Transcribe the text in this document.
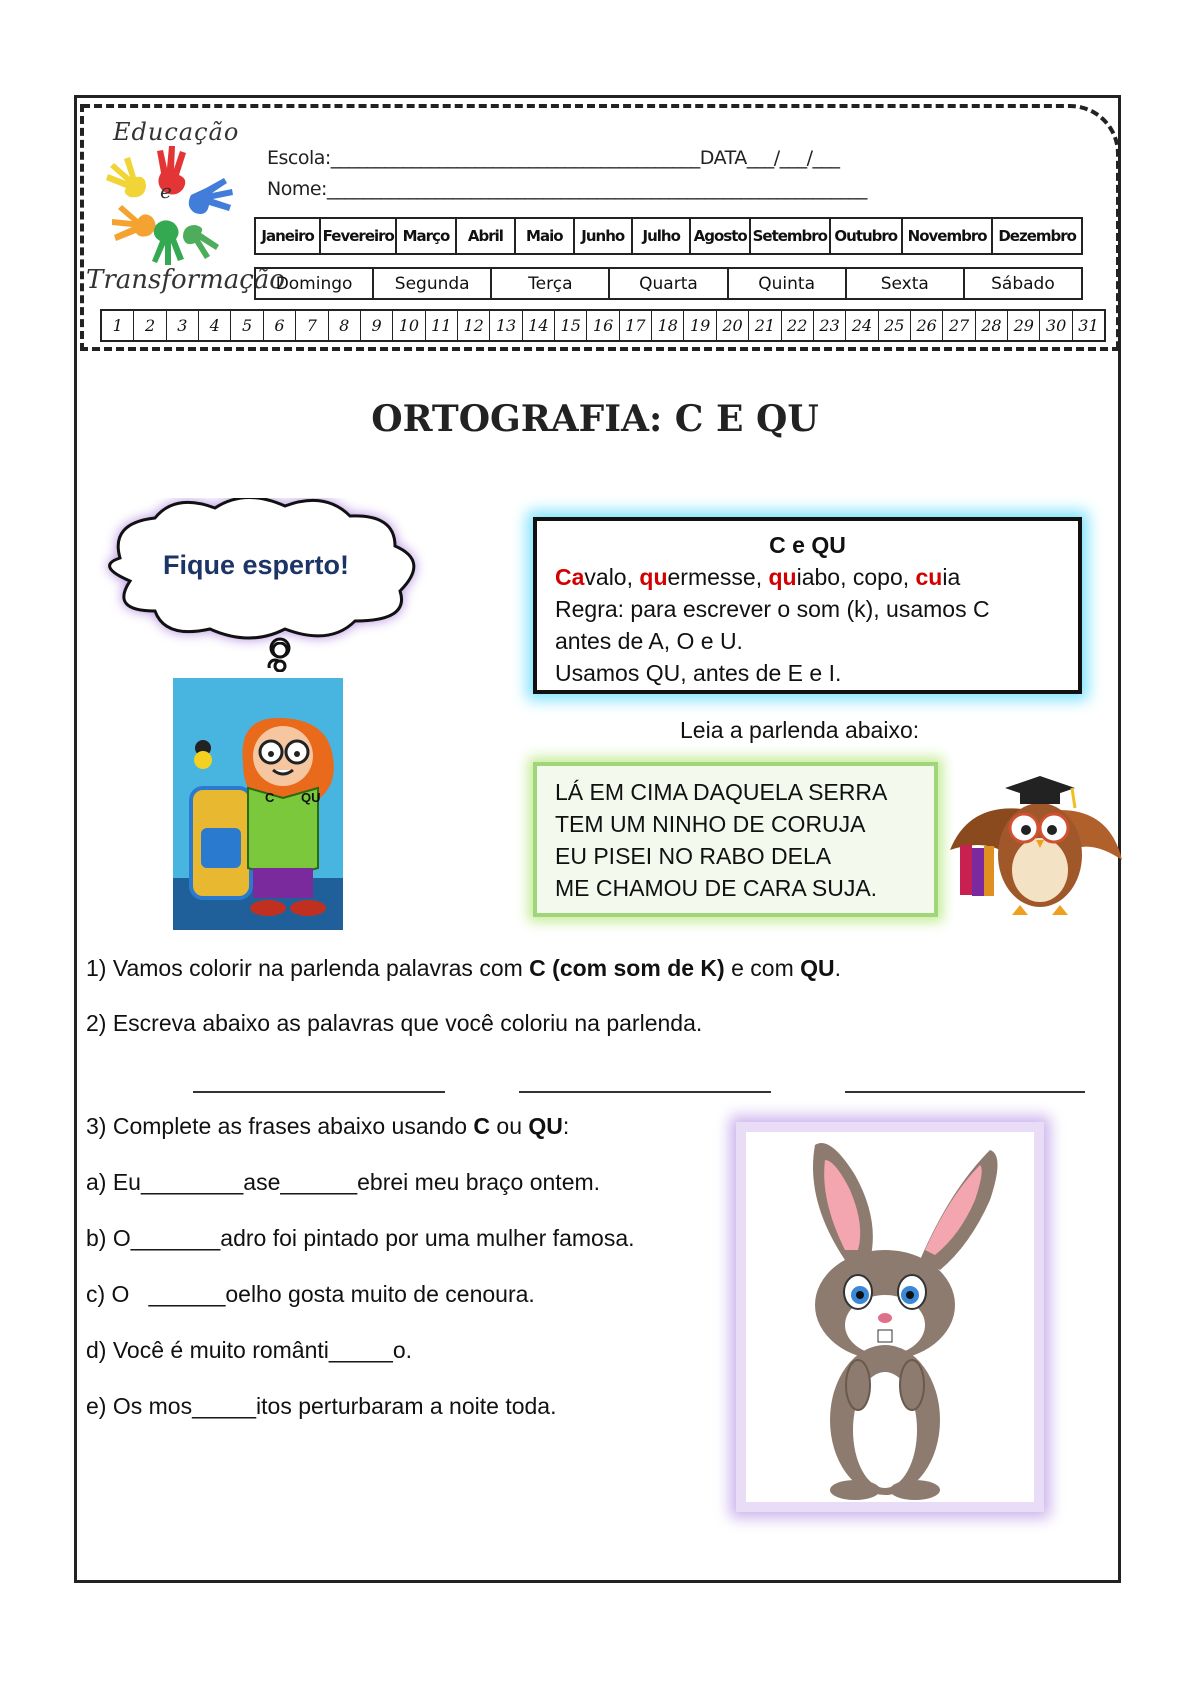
e
Educação
Transformação
Escola:_________________________________________DATA___/___/___
Nome:____________________________________________________________
Janeiro Fevereiro Março	Abril	Maio	Junho	Julho Agosto Setembro Outubro Novembro Dezembro
Domingo	Segunda	Terça	Quarta	Quinta	Sexta	Sábado
1	2	3	4	5	6	7	8	9	10 11 12 13 14 15 16 17 18 19 20 21 22 23 24 25 26 27 28 29 30 31
ORTOGRAFIA: C E QU
Fique esperto!
C QU
C e QU
Cavalo, quermesse, quiabo, copo, cuia
Regra: para escrever o som (k), usamos C
antes de A, O e U.
Usamos QU, antes de E e I.
Leia a parlenda abaixo:
LÁ EM CIMA DAQUELA SERRA
TEM UM NINHO DE CORUJA
EU PISEI NO RABO DELA
ME CHAMOU DE CARA SUJA.
1) Vamos colorir na parlenda palavras com C (com som de K) e com QU.
2) Escreva abaixo as palavras que você coloriu na parlenda.
3) Complete as frases abaixo usando C ou QU:
a) Eu________ase______ebrei meu braço ontem.
b) O_______adro foi pintado por uma mulher famosa.
c) O   ______oelho gosta muito de cenoura.
d) Você é muito românti_____o.
e) Os mos_____itos perturbaram a noite toda.
